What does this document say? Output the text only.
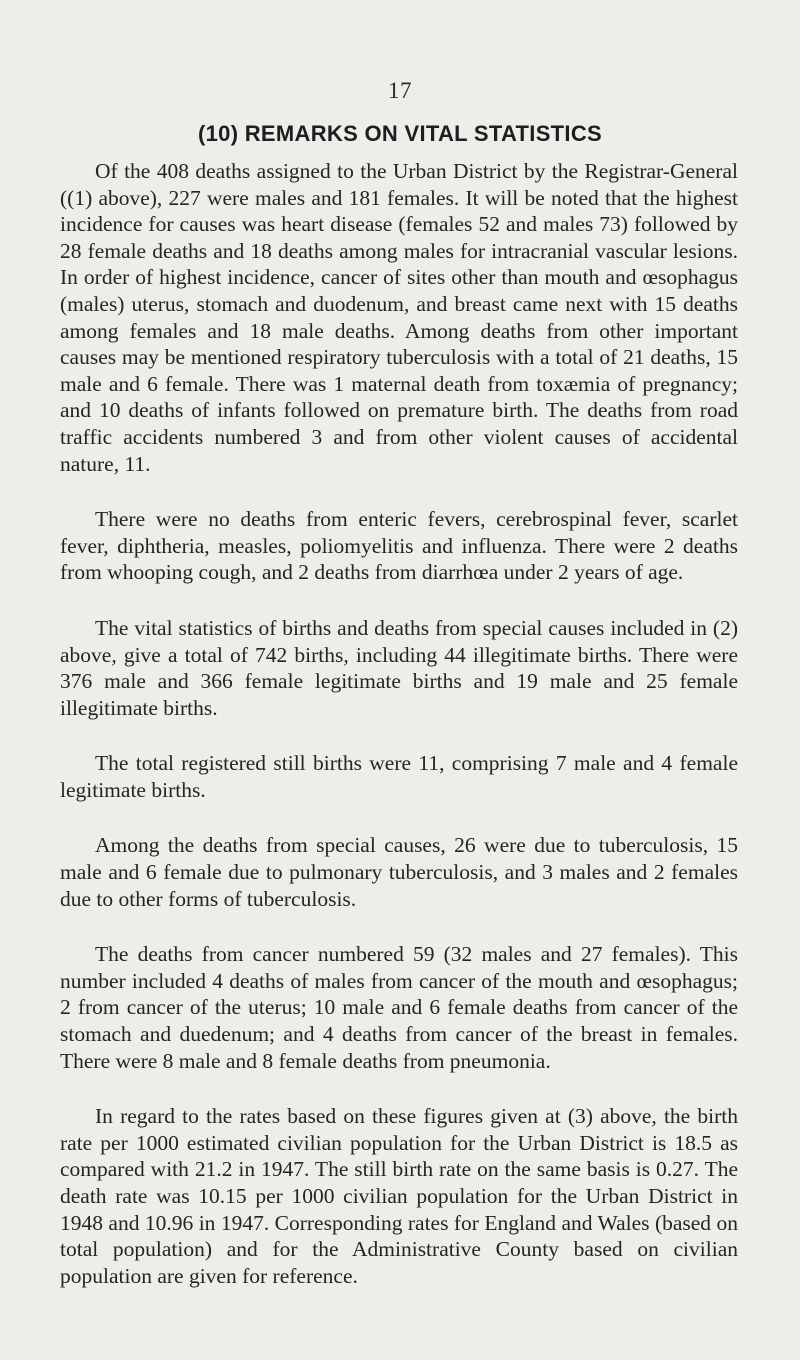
17
(10) REMARKS ON VITAL STATISTICS

Of the 408 deaths assigned to the Urban District by the Registrar-General ((1) above), 227 were males and 181 females. It will be noted that the highest incidence for causes was heart disease (females 52 and males 73) followed by 28 female deaths and 18 deaths among males for intracranial vascular lesions. In order of highest incidence, cancer of sites other than mouth and œsophagus (males) uterus, stomach and duodenum, and breast came next with 15 deaths among females and 18 male deaths. Among deaths from other important causes may be mentioned respiratory tuberculosis with a total of 21 deaths, 15 male and 6 female. There was 1 maternal death from toxæmia of pregnancy; and 10 deaths of infants followed on premature birth. The deaths from road traffic accidents numbered 3 and from other violent causes of accidental nature, 11.

There were no deaths from enteric fevers, cerebrospinal fever, scarlet fever, diphtheria, measles, poliomyelitis and influenza. There were 2 deaths from whooping cough, and 2 deaths from diarrhœa under 2 years of age.

The vital statistics of births and deaths from special causes included in (2) above, give a total of 742 births, including 44 illegitimate births. There were 376 male and 366 female legitimate births and 19 male and 25 female illegitimate births.

The total registered still births were 11, comprising 7 male and 4 female legitimate births.

Among the deaths from special causes, 26 were due to tuberculosis, 15 male and 6 female due to pulmonary tuberculosis, and 3 males and 2 females due to other forms of tuberculosis.

The deaths from cancer numbered 59 (32 males and 27 females). This number included 4 deaths of males from cancer of the mouth and œsophagus; 2 from cancer of the uterus; 10 male and 6 female deaths from cancer of the stomach and duedenum; and 4 deaths from cancer of the breast in females. There were 8 male and 8 female deaths from pneumonia.

In regard to the rates based on these figures given at (3) above, the birth rate per 1000 estimated civilian population for the Urban District is 18.5 as compared with 21.2 in 1947. The still birth rate on the same basis is 0.27. The death rate was 10.15 per 1000 civilian population for the Urban District in 1948 and 10.96 in 1947. Corresponding rates for England and Wales (based on total population) and for the Administrative County based on civilian population are given for reference.
